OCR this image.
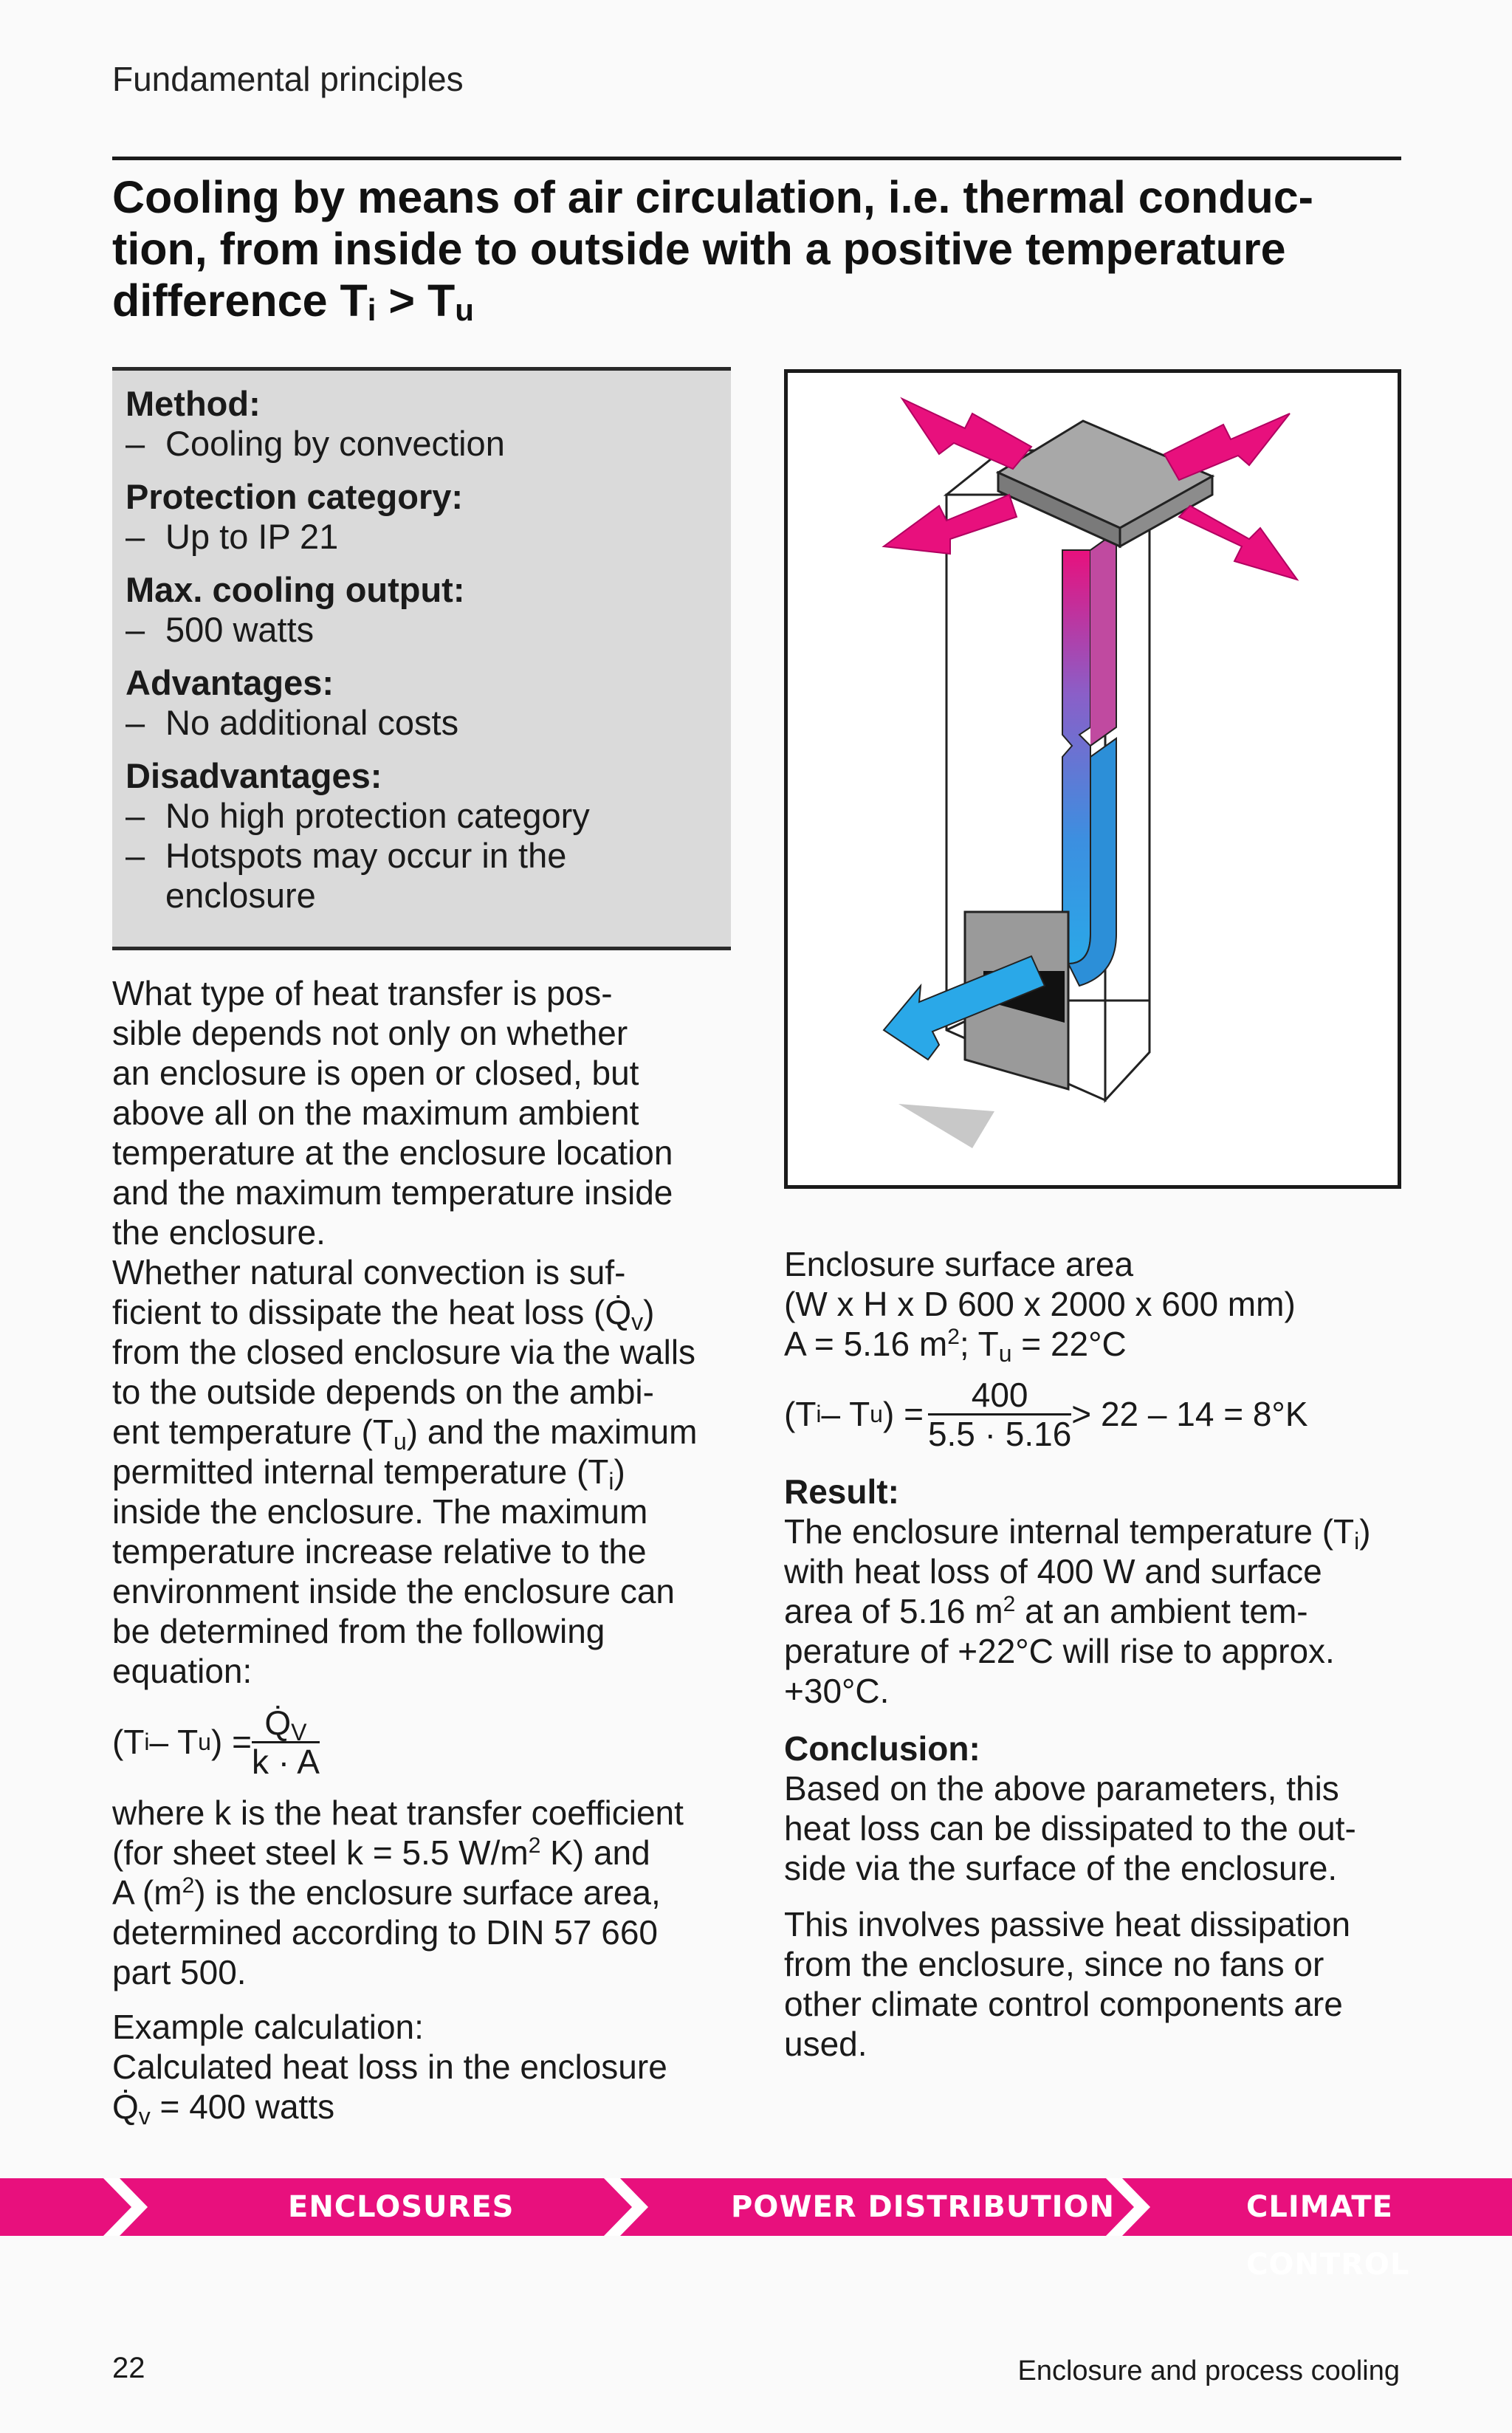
Fundamental principles
Cooling by means of air circulation, i.e. thermal conduc-
tion, from inside to outside with a positive temperature
difference $T_i > T_u$
Method:
– Cooling by convection
Protection category:
– Up to IP 21
Max. cooling output:
– 500 watts
Advantages:
– No additional costs
Disadvantages:
– No high protection category
– Hotspots may occur in the enclosure

What type of heat transfer is pos-
sible depends not only on whether
an enclosure is open or closed, but
above all on the maximum ambient
temperature at the enclosure location
and the maximum temperature inside
the enclosure.

Whether natural convection is suf-
ficient to dissipate the heat loss $(Q̇_v)$
from the closed enclosure via the walls
to the outside depends on the ambi-
ent temperature $(T_u)$ and the maximum
permitted internal temperature $(T_i)$
inside the enclosure. The maximum
temperature increase relative to the
environment inside the enclosure can
be determined from the following
equation:

(T i – T u ) = $\frac{Q̇_V}{k \cdot A}$

where k is the heat transfer coefficient
(for sheet steel k = 5.5 $W/m^2$ K) and
A $(m^2)$ is the enclosure surface area,
determined according to DIN 57 660
part 500.

Example calculation:
Calculated heat loss in the enclosure

$Q̇_v = 400$ watts

Enclosure surface area
(W x H x D 600 x 2000 x 600 mm)
A = 5.16 $m^2$; $T_u = 22^\circ C$

(T i – T u ) = $\frac{400}{5.5 \cdot 5.16} > 22 - 14 = 8^\circ K$
Result:

The enclosure internal temperature $(T_i)$
with heat loss of 400 W and surface
area of 5.16 $m^2$ at an ambient tem-
perature of +22°C will rise to approx.
+30°C.

Conclusion:

Based on the above parameters, this
heat loss can be dissipated to the out-
side via the surface of the enclosure.

This involves passive heat dissipation
from the enclosure, since no fans or
other climate control components are
used.

ENCLOSURES	POWER DISTRIBUTION	CLIMATE CONTROL
22	Enclosure and process cooling
